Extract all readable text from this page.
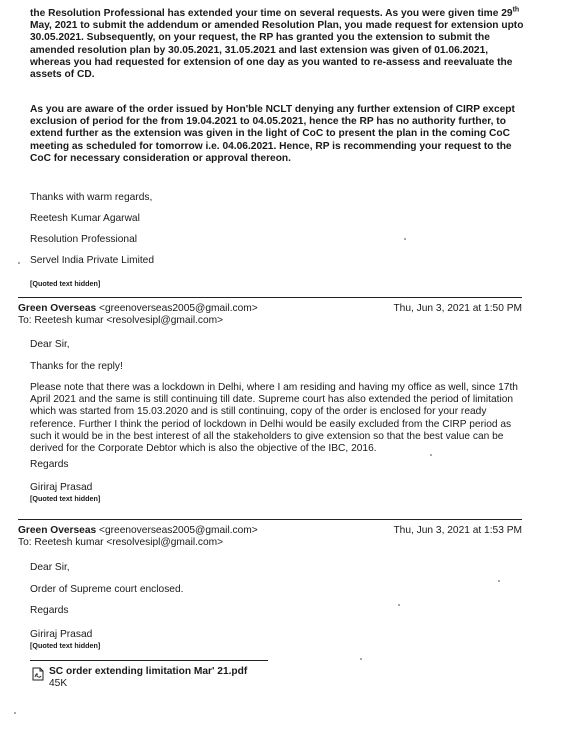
the Resolution Professional has extended your time on several requests. As you were given time 29th May, 2021 to submit the addendum or amended Resolution Plan, you made request for extension upto 30.05.2021. Subsequently, on your request, the RP has granted you the extension to submit the amended resolution plan by 30.05.2021, 31.05.2021 and last extension was given of 01.06.2021, whereas you had requested for extension of one day as you wanted to re-assess and reevaluate the assets of CD.

As you are aware of the order issued by Hon'ble NCLT denying any further extension of CIRP except exclusion of period for the from 19.04.2021 to 04.05.2021, hence the RP has no authority further, to extend further as the extension was given in the light of CoC to present the plan in the coming CoC meeting as scheduled for tomorrow i.e. 04.06.2021. Hence, RP is recommending your request to the CoC for necessary consideration or approval thereon.

Thanks with warm regards,

Reetesh Kumar Agarwal

Resolution Professional

Servel India Private Limited

[Quoted text hidden]

Green Overseas <greenoverseas2005@gmail.com>

To: Reetesh kumar <resolvesipl@gmail.com>

Thu, Jun 3, 2021 at 1:50 PM

Dear Sir,

Thanks for the reply!

Please note that there was a lockdown in Delhi, where I am residing and having my office as well, since 17th April 2021 and the same is still continuing till date. Supreme court has also extended the period of limitation which was started from 15.03.2020 and is still continuing, copy of the order is enclosed for your ready reference. Further I think the period of lockdown in Delhi would be easily excluded from the CIRP period as such it would be in the best interest of all the stakeholders to give extension so that the best value can be derived for the Corporate Debtor which is also the objective of the IBC, 2016.

Regards

Giriraj Prasad

[Quoted text hidden]

Green Overseas <greenoverseas2005@gmail.com>

To: Reetesh kumar <resolvesipl@gmail.com>

Thu, Jun 3, 2021 at 1:53 PM

Dear Sir,

Order of Supreme court enclosed.

Regards

Giriraj Prasad

[Quoted text hidden]

SC order extending limitation Mar' 21.pdf

45K
